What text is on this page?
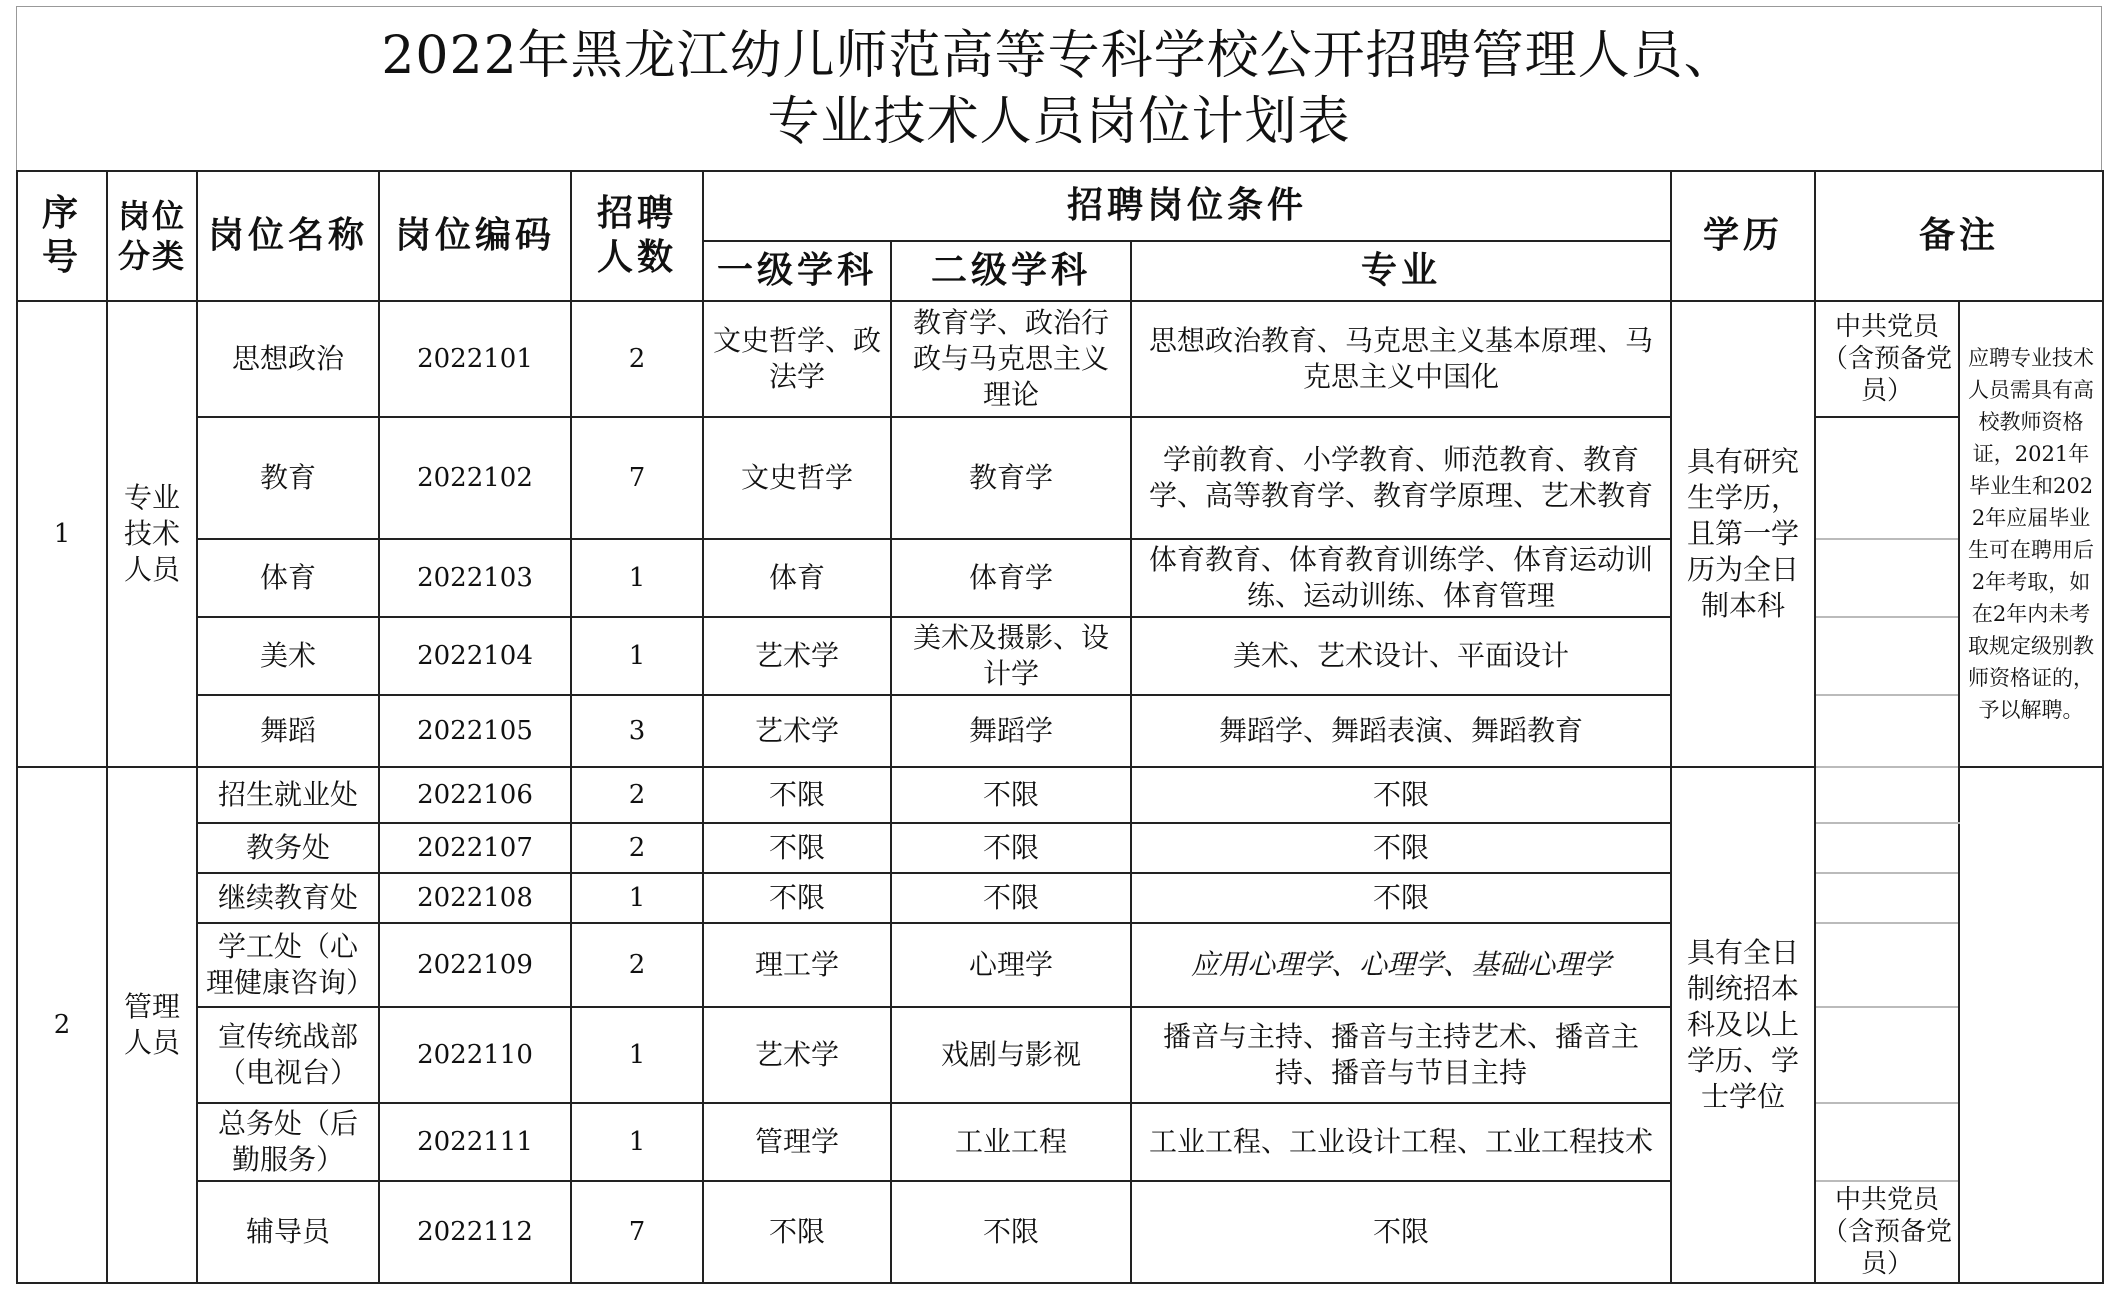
2022年黑龙江幼儿师范高等专科学校公开招聘管理人员、
专业技术人员岗位计划表
序号	岗位分类	岗位名称	岗位编码	招聘人数	招聘岗位条件			学历	备注	
					一级学科	二级学科	专业			
1	专业技术人员	思想政治	2022101	2	文史哲学、政法学	教育学、政治行政与马克思主义理论	思想政治教育、马克思主义基本原理、马克思主义中国化	具有研究生学历，且第一学历为全日制本科	中共党员（含预备党员）	应聘专业技术人员需具有高校教师资格证，2021年毕业生和2022年应届毕业生可在聘用后2年考取，如在2年内未考取规定级别教师资格证的，予以解聘。
		教育	2022102	7	文史哲学	教育学	学前教育、小学教育、师范教育、教育学、高等教育学、教育学原理、艺术教育			
		体育	2022103	1	体育	体育学	体育教育、体育教育训练学、体育运动训练、运动训练、体育管理			
		美术	2022104	1	艺术学	美术及摄影、设计学	美术、艺术设计、平面设计			
		舞蹈	2022105	3	艺术学	舞蹈学	舞蹈学、舞蹈表演、舞蹈教育			
2	管理人员	招生就业处	2022106	2	不限	不限	不限	具有全日制统招本科及以上学历、学士学位		
		教务处	2022107	2	不限	不限	不限			
		继续教育处	2022108	1	不限	不限	不限			
		学工处（心理健康咨询）	2022109	2	理工学	心理学	应用心理学、心理学、基础心理学			
		宣传统战部（电视台）	2022110	1	艺术学	戏剧与影视	播音与主持、播音与主持艺术、播音主持、播音与节目主持			
		总务处（后勤服务）	2022111	1	管理学	工业工程	工业工程、工业设计工程、工业工程技术			
		辅导员	2022112	7	不限	不限	不限		中共党员（含预备党员）	
